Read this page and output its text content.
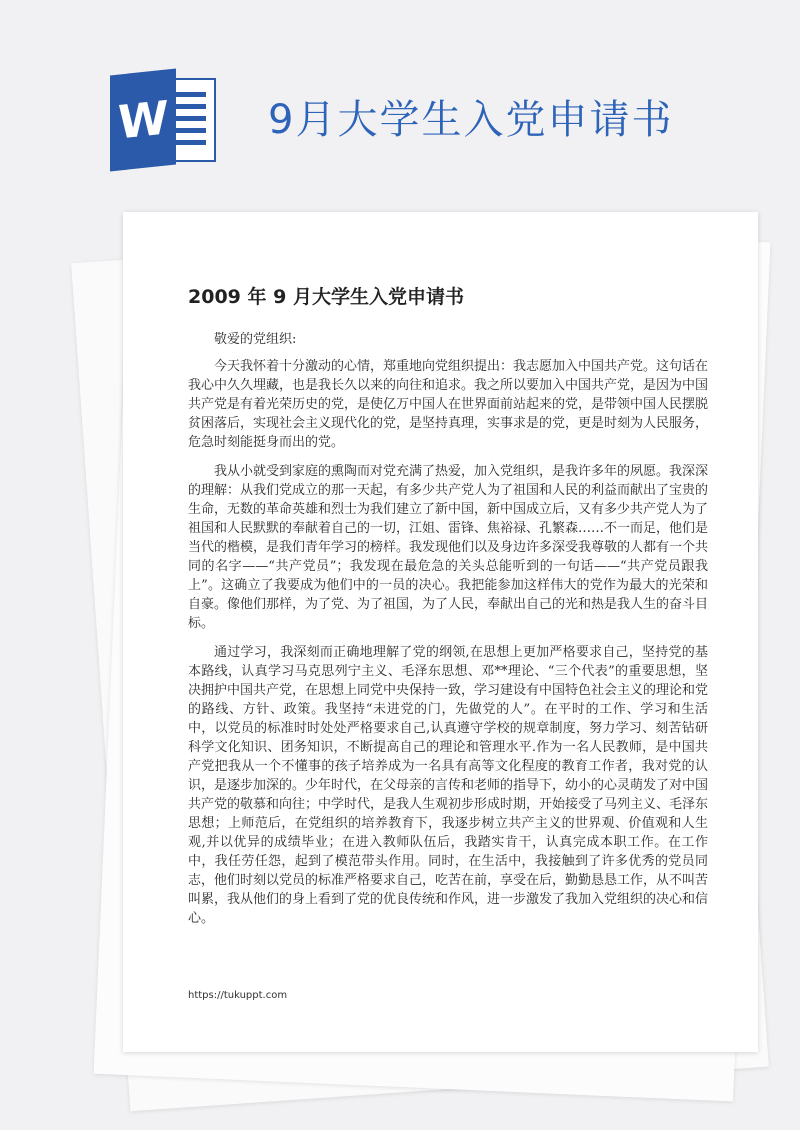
W 9月大学生入党申请书
2009 年 9 月大学生入党申请书

敬爱的党组织:

今天我怀着十分激动的心情，郑重地向党组织提出：我志愿加入中国共产党。这句话在我心中久久埋藏，也是我长久以来的向往和追求。我之所以要加入中国共产党，是因为中国共产党是有着光荣历史的党，是使亿万中国人在世界面前站起来的党，是带领中国人民摆脱贫困落后，实现社会主义现代化的党，是坚持真理，实事求是的党，更是时刻为人民服务，危急时刻能挺身而出的党。

我从小就受到家庭的熏陶而对党充满了热爱，加入党组织，是我许多年的夙愿。我深深的理解：从我们党成立的那一天起，有多少共产党人为了祖国和人民的利益而献出了宝贵的生命，无数的革命英雄和烈士为我们建立了新中国，新中国成立后，又有多少共产党人为了祖国和人民默默的奉献着自己的一切，江姐、雷锋、焦裕禄、孔繁森……不一而足，他们是当代的楷模，是我们青年学习的榜样。我发现他们以及身边许多深受我尊敬的人都有一个共同的名字——“共产党员”；我发现在最危急的关头总能听到的一句话——“共产党员跟我上”。这确立了我要成为他们中的一员的决心。我把能参加这样伟大的党作为最大的光荣和自豪。像他们那样，为了党、为了祖国，为了人民，奉献出自己的光和热是我人生的奋斗目标。

通过学习，我深刻而正确地理解了党的纲领,在思想上更加严格要求自己，坚持党的基本路线，认真学习马克思列宁主义、毛泽东思想、邓**理论、“三个代表”的重要思想，坚决拥护中国共产党，在思想上同党中央保持一致，学习建设有中国特色社会主义的理论和党的路线、方针、政策。我坚持“未进党的门，先做党的人”。在平时的工作、学习和生活中，以党员的标准时时处处严格要求自己,认真遵守学校的规章制度，努力学习、刻苦钻研科学文化知识、团务知识，不断提高自己的理论和管理水平.作为一名人民教师，是中国共产党把我从一个不懂事的孩子培养成为一名具有高等文化程度的教育工作者，我对党的认识，是逐步加深的。少年时代，在父母亲的言传和老师的指导下，幼小的心灵萌发了对中国共产党的敬慕和向往；中学时代，是我人生观初步形成时期，开始接受了马列主义、毛泽东思想；上师范后，在党组织的培养教育下，我逐步树立共产主义的世界观、价值观和人生观,并以优异的成绩毕业；在进入教师队伍后，我踏实肯干，认真完成本职工作。在工作中，我任劳任怨，起到了模范带头作用。同时，在生活中，我接触到了许多优秀的党员同志，他们时刻以党员的标准严格要求自己，吃苦在前，享受在后，勤勤恳恳工作，从不叫苦叫累，我从他们的身上看到了党的优良传统和作风，进一步激发了我加入党组织的决心和信心。

https://tukuppt.com
